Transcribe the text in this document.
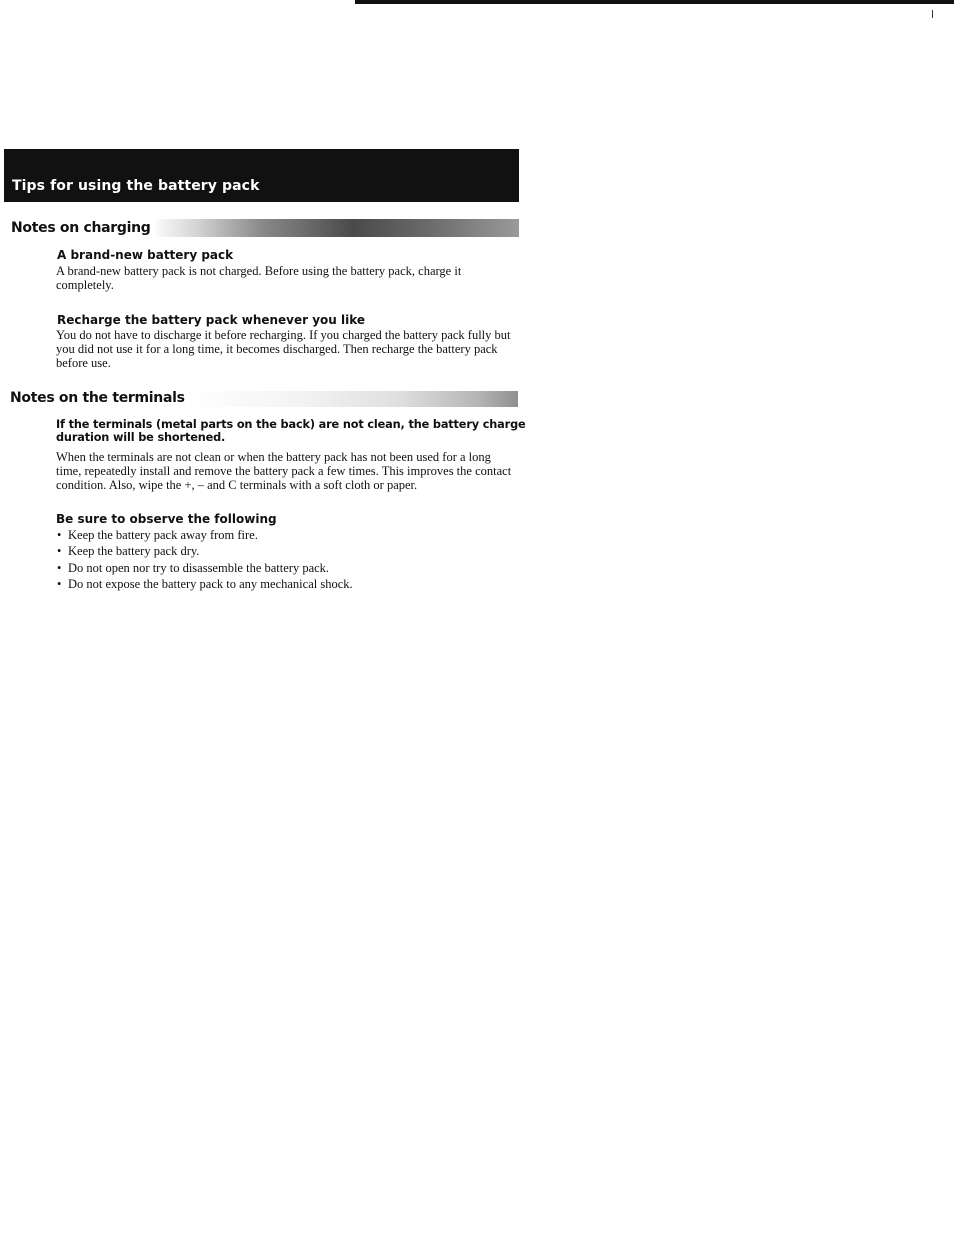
Tips for using the battery pack
Notes on charging
A brand-new battery pack

A brand-new battery pack is not charged. Before using the battery pack, charge it completely.

Recharge the battery pack whenever you like

You do not have to discharge it before recharging. If you charged the battery pack fully but you did not use it for a long time, it becomes discharged. Then recharge the battery pack before use.

Notes on the terminals
If the terminals (metal parts on the back) are not clean, the battery charge duration will be shortened.

When the terminals are not clean or when the battery pack has not been used for a long time, repeatedly install and remove the battery pack a few times. This improves the contact condition. Also, wipe the +, – and C terminals with a soft cloth or paper.

Be sure to observe the following
• Keep the battery pack away from fire.
• Keep the battery pack dry.
• Do not open nor try to disassemble the battery pack.
• Do not expose the battery pack to any mechanical shock.
